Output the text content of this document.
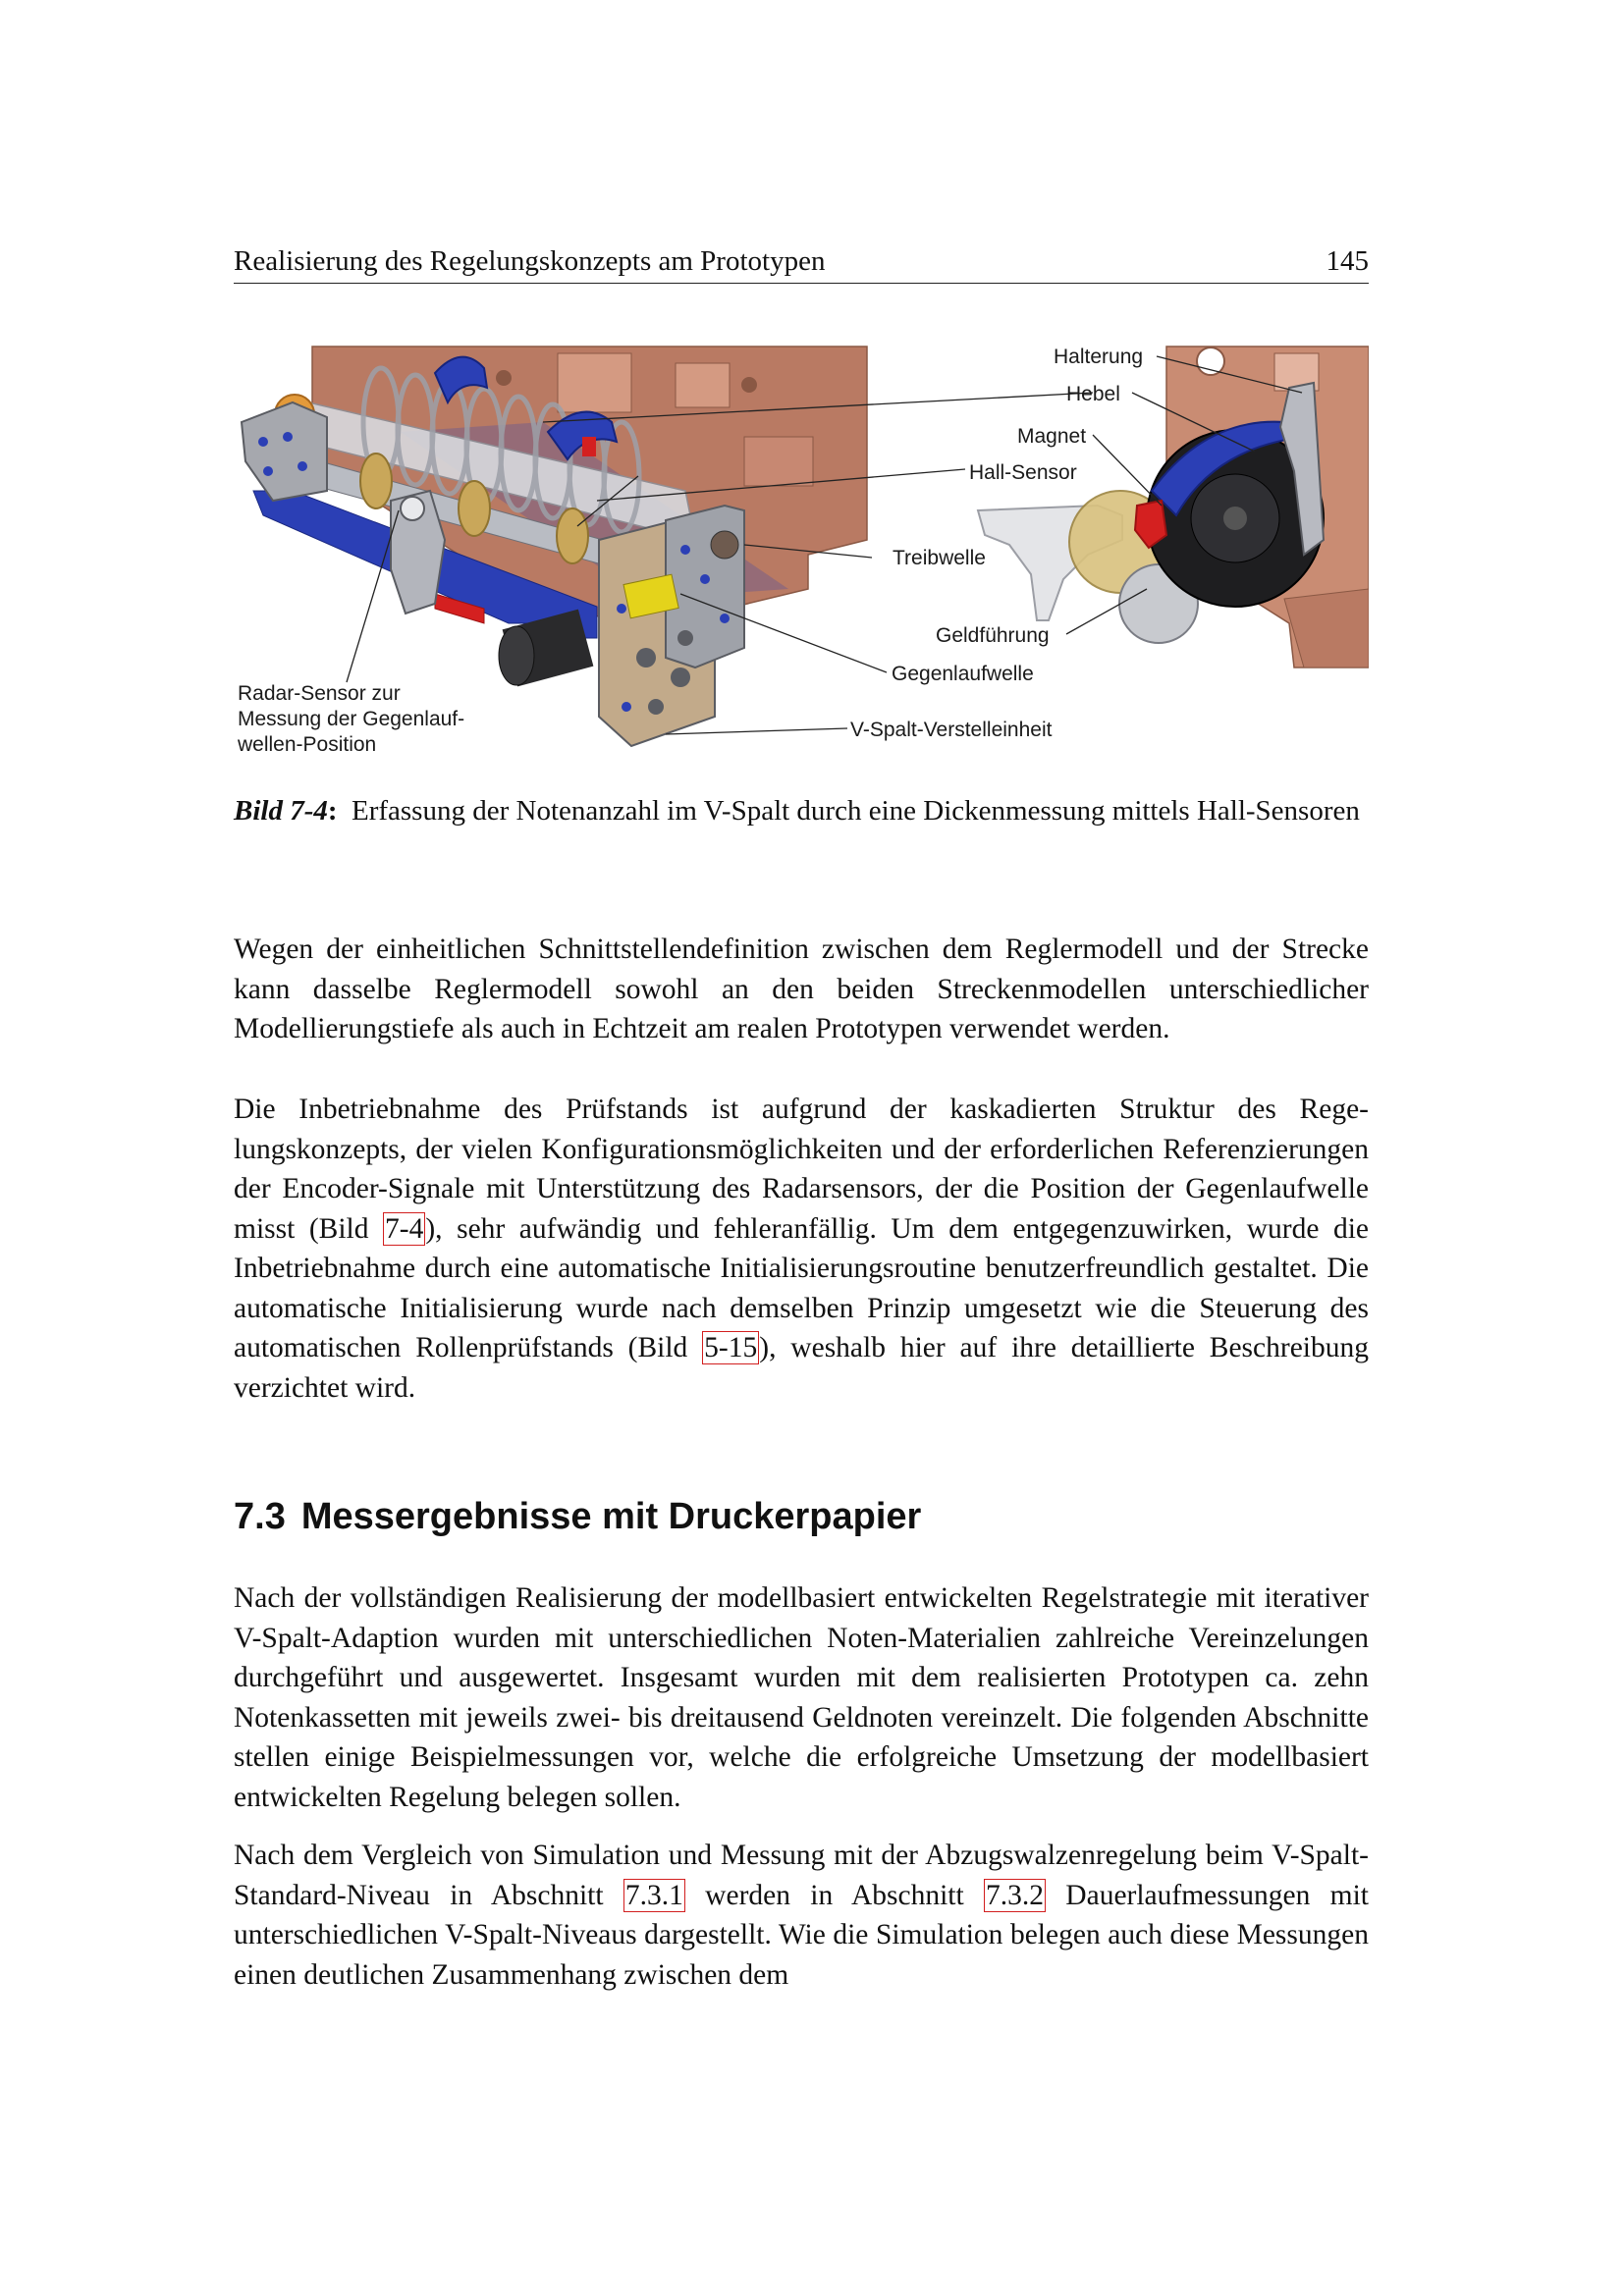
Realisierung des Regelungskonzepts am Prototypen	145
Halterung
Hebel
Magnet
Hall-Sensor
Treibwelle
Geldführung
Gegenlaufwelle
Radar-Sensor zur
Messung der Gegenlauf-
wellen-Position
V-Spalt-Verstelleinheit
Bild 7-4: Erfassung der Notenanzahl im V-Spalt durch eine Dickenmessung mittels Hall-Sensoren

Wegen der einheitlichen Schnittstellendefinition zwischen dem Reglermodell und der Strecke kann dasselbe Reglermodell sowohl an den beiden Streckenmodellen unterschiedlicher Modellierungstiefe als auch in Echtzeit am realen Prototypen verwendet werden.

Die Inbetriebnahme des Prüfstands ist aufgrund der kaskadierten Struktur des Regelungskonzepts, der vielen Konfigurationsmöglichkeiten und der erforderlichen Referenzierungen der Encoder-Signale mit Unterstützung des Radarsensors, der die Position der Gegenlaufwelle misst (Bild 7-4), sehr aufwändig und fehleranfällig. Um dem entgegenzuwirken, wurde die Inbetriebnahme durch eine automatische Initialisierungsroutine benutzerfreundlich gestaltet. Die automatische Initialisierung wurde nach demselben Prinzip umgesetzt wie die Steuerung des automatischen Rollenprüfstands (Bild 5-15), weshalb hier auf ihre detaillierte Beschreibung verzichtet wird.

7.3 Messergebnisse mit Druckerpapier

Nach der vollständigen Realisierung der modellbasiert entwickelten Regelstrategie mit iterativer V-Spalt-Adaption wurden mit unterschiedlichen Noten-Materialien zahlreiche Vereinzelungen durchgeführt und ausgewertet. Insgesamt wurden mit dem realisierten Prototypen ca. zehn Notenkassetten mit jeweils zwei- bis dreitausend Geldnoten vereinzelt. Die folgenden Abschnitte stellen einige Beispielmessungen vor, welche die erfolgreiche Umsetzung der modellbasiert entwickelten Regelung belegen sollen.

Nach dem Vergleich von Simulation und Messung mit der Abzugswalzenregelung beim V-Spalt-Standard-Niveau in Abschnitt 7.3.1 werden in Abschnitt 7.3.2 Dauerlaufmessungen mit unterschiedlichen V-Spalt-Niveaus dargestellt. Wie die Simulation belegen auch diese Messungen einen deutlichen Zusammenhang zwischen dem
